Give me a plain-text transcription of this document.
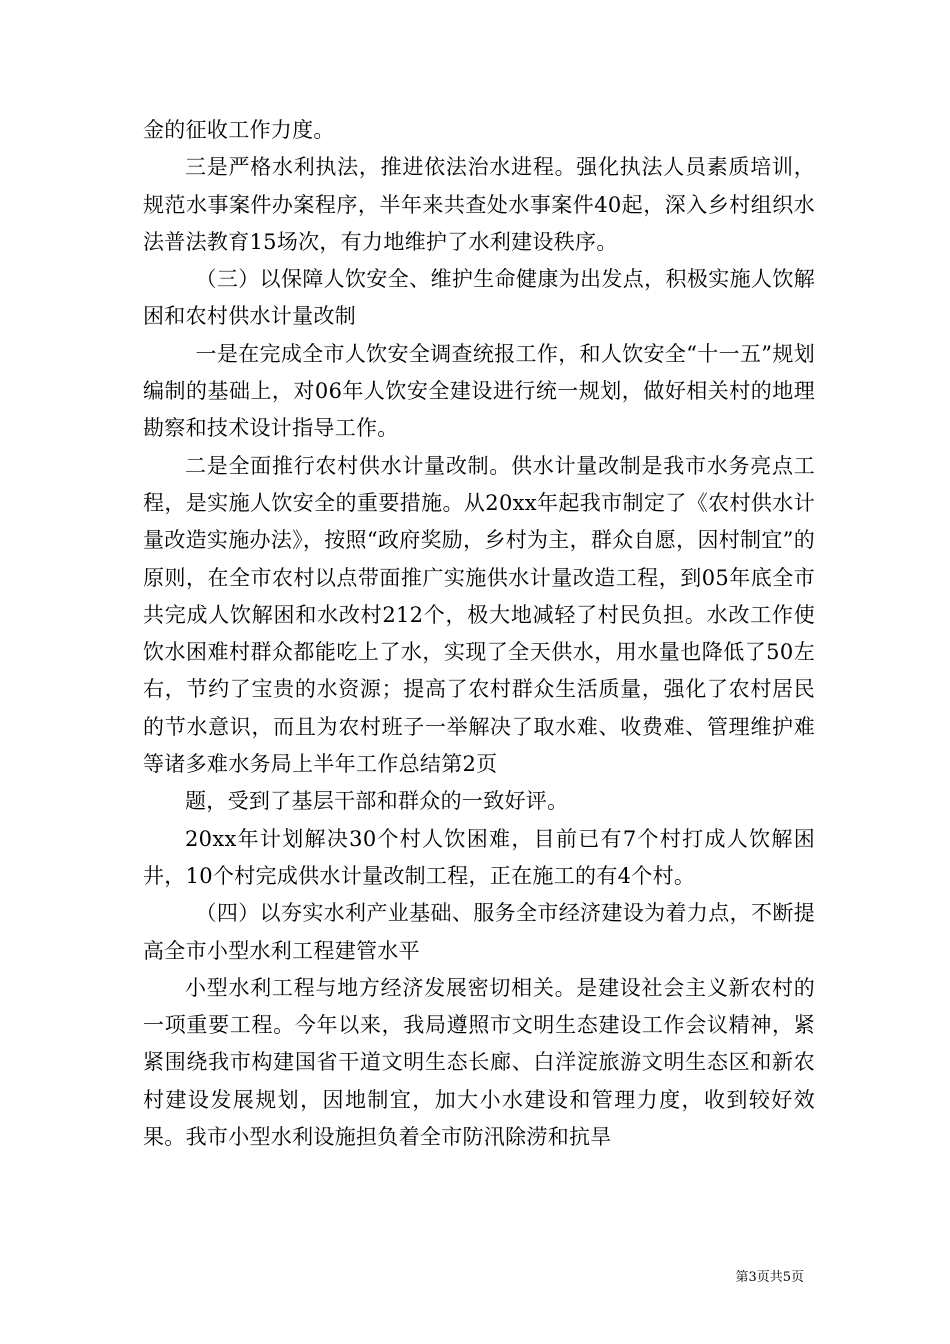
金的征收工作力度。

三是严格水利执法，推进依法治水进程。强化执法人员素质培训，规范水事案件办案程序，半年来共查处水事案件40起，深入乡村组织水法普法教育15场次，有力地维护了水利建设秩序。

（三）以保障人饮安全、维护生命健康为出发点，积极实施人饮解困和农村供水计量改制

一是在完成全市人饮安全调查统报工作，和人饮安全“十一五”规划编制的基础上，对06年人饮安全建设进行统一规划，做好相关村的地理勘察和技术设计指导工作。

二是全面推行农村供水计量改制。供水计量改制是我市水务亮点工程，是实施人饮安全的重要措施。从20xx年起我市制定了《农村供水计量改造实施办法》，按照“政府奖励，乡村为主，群众自愿，因村制宜”的原则，在全市农村以点带面推广实施供水计量改造工程，到05年底全市共完成人饮解困和水改村212个，极大地减轻了村民负担。水改工作使饮水困难村群众都能吃上了水，实现了全天供水，用水量也降低了50左右，节约了宝贵的水资源；提高了农村群众生活质量，强化了农村居民的节水意识，而且为农村班子一举解决了取水难、收费难、管理维护难等诸多难水务局上半年工作总结第2页

题，受到了基层干部和群众的一致好评。

20xx年计划解决30个村人饮困难，目前已有7个村打成人饮解困井，10个村完成供水计量改制工程，正在施工的有4个村。

（四）以夯实水利产业基础、服务全市经济建设为着力点，不断提高全市小型水利工程建管水平

小型水利工程与地方经济发展密切相关。是建设社会主义新农村的一项重要工程。今年以来，我局遵照市文明生态建设工作会议精神，紧紧围绕我市构建国省干道文明生态长廊、白洋淀旅游文明生态区和新农村建设发展规划，因地制宜，加大小水建设和管理力度，收到较好效果。我市小型水利设施担负着全市防汛除涝和抗旱

第3页共5页
